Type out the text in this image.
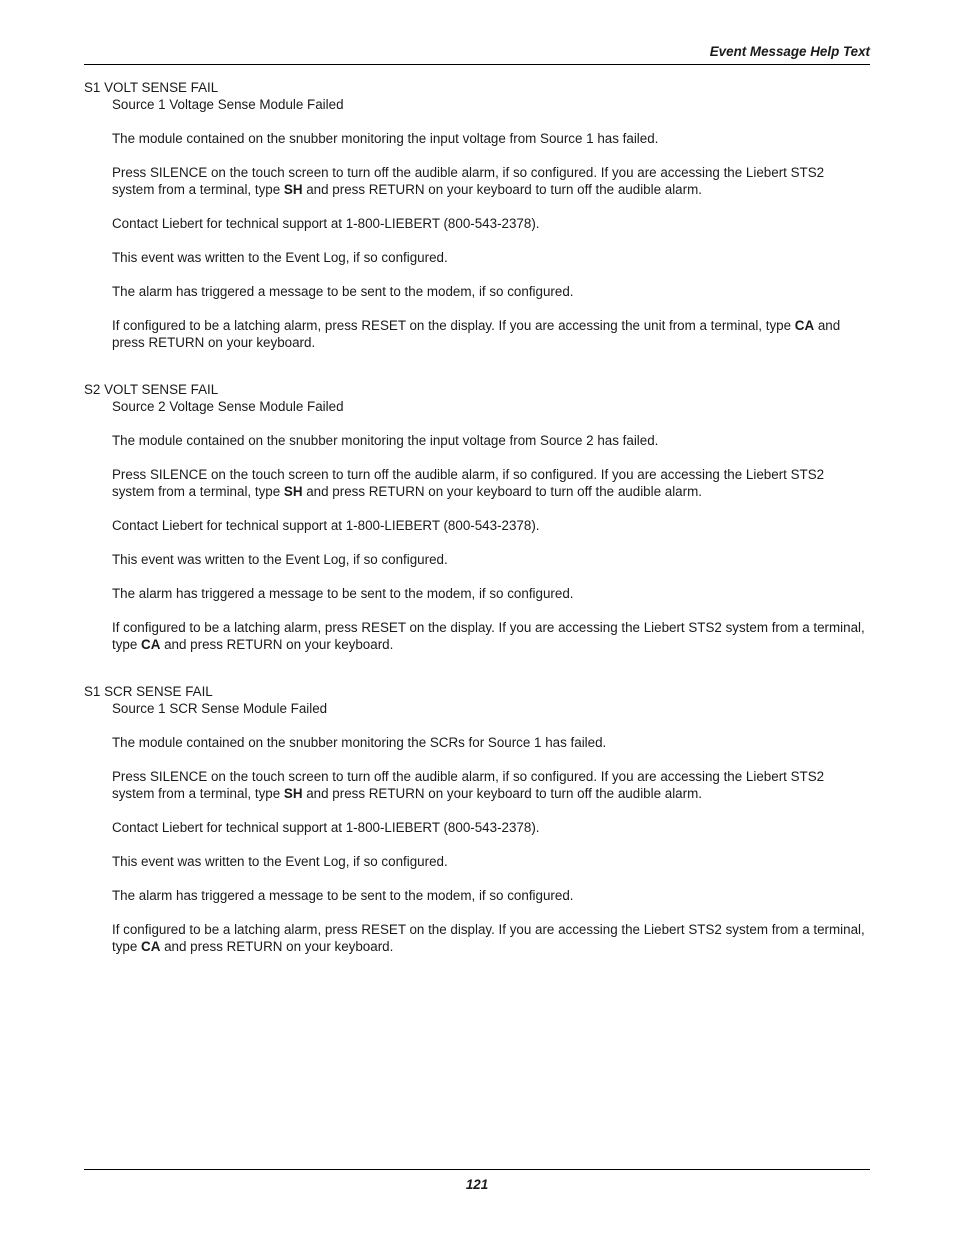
Event Message Help Text

S1 VOLT SENSE FAIL

Source 1 Voltage Sense Module Failed

The module contained on the snubber monitoring the input voltage from Source 1 has failed.

Press SILENCE on the touch screen to turn off the audible alarm, if so configured. If you are accessing the Liebert STS2 system from a terminal, type SH and press RETURN on your keyboard to turn off the audible alarm.

Contact Liebert for technical support at 1-800-LIEBERT (800-543-2378).

This event was written to the Event Log, if so configured.

The alarm has triggered a message to be sent to the modem, if so configured.

If configured to be a latching alarm, press RESET on the display. If you are accessing the unit from a terminal, type CA and press RETURN on your keyboard.

S2 VOLT SENSE FAIL

Source 2 Voltage Sense Module Failed

The module contained on the snubber monitoring the input voltage from Source 2 has failed.

Press SILENCE on the touch screen to turn off the audible alarm, if so configured. If you are accessing the Liebert STS2 system from a terminal, type SH and press RETURN on your keyboard to turn off the audible alarm.

Contact Liebert for technical support at 1-800-LIEBERT (800-543-2378).

This event was written to the Event Log, if so configured.

The alarm has triggered a message to be sent to the modem, if so configured.

If configured to be a latching alarm, press RESET on the display. If you are accessing the Liebert STS2 system from a terminal, type CA and press RETURN on your keyboard.

S1 SCR SENSE FAIL

Source 1 SCR Sense Module Failed

The module contained on the snubber monitoring the SCRs for Source 1 has failed.

Press SILENCE on the touch screen to turn off the audible alarm, if so configured. If you are accessing the Liebert STS2 system from a terminal, type SH and press RETURN on your keyboard to turn off the audible alarm.

Contact Liebert for technical support at 1-800-LIEBERT (800-543-2378).

This event was written to the Event Log, if so configured.

The alarm has triggered a message to be sent to the modem, if so configured.

If configured to be a latching alarm, press RESET on the display. If you are accessing the Liebert STS2 system from a terminal, type CA and press RETURN on your keyboard.

121
